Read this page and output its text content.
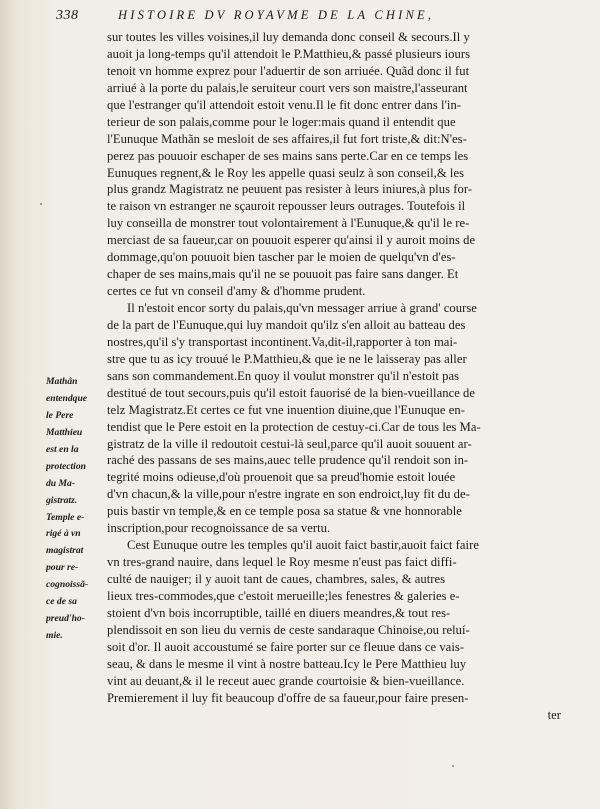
338	HISTOIRE DV ROYAVME DE LA CHINE,
sur toutes les villes voisines,il luy demanda donc conseil & secours.Il y
auoit ja long-temps qu'il attendoit le P.Matthieu,& passé plusieurs iours
tenoit vn homme exprez pour l'aduertir de son arriuée. Quãd donc il fut
arriué à la porte du palais,le seruiteur court vers son maistre,l'asseurant
que l'estranger qu'il attendoit estoit venu.Il le fit donc entrer dans l'in-
terieur de son palais,comme pour le loger:mais quand il entendit que
l'Eunuque Mathãn se mesloit de ses affaires,il fut fort triste,& dit:N'es-
perez pas pouuoir eschaper de ses mains sans perte.Car en ce temps les
Eunuques regnent,& le Roy les appelle quasi seulz à son conseil,& les
plus grandz Magistratz ne peuuent pas resister à leurs iniures,à plus for-
te raison vn estranger ne sçauroit repousser leurs outrages. Toutefois il
luy conseilla de monstrer tout volontairement à l'Eunuque,& qu'il le re-
merciast de sa faueur,car on pouuoit esperer qu'ainsi il y auroit moins de
dommage,qu'on pouuoit bien tascher par le moien de quelqu'vn d'es-
chaper de ses mains,mais qu'il ne se pouuoit pas faire sans danger. Et
certes ce fut vn conseil d'amy & d'homme prudent.
Il n'estoit encor sorty du palais,qu'vn messager arriue à grand' course
de la part de l'Eunuque,qui luy mandoit qu'ilz s'en alloit au batteau des
nostres,qu'il s'y transportast incontinent.Va,dit-il,rapporter à ton mai-
stre que tu as icy trouué le P.Matthieu,& que ie ne le laisseray pas aller
sans son commandement.En quoy il voulut monstrer qu'il n'estoit pas
destitué de tout secours,puis qu'il estoit fauorisé de la bien-vueillance de
telz Magistratz.Et certes ce fut vne inuention diuine,que l'Eunuque en-
tendist que le Pere estoit en la protection de cestuy-ci.Car de tous les Ma-
gistratz de la ville il redoutoit cestui-là seul,parce qu'il auoit souuent ar-
raché des passans de ses mains,auec telle prudence qu'il rendoit son in-
tegrité moins odieuse,d'où prouenoit que sa preud'homie estoit louée
d'vn chacun,& la ville,pour n'estre ingrate en son endroict,luy fit du de-
puis bastir vn temple,& en ce temple posa sa statue & vne honnorable
inscription,pour recognoissance de sa vertu.
Cest Eunuque outre les temples qu'il auoit faict bastir,auoit faict faire
vn tres-grand nauire, dans lequel le Roy mesme n'eust pas faict diffi-
culté de nauiger; il y auoit tant de caues, chambres, sales, & autres
lieux tres-commodes,que c'estoit merueille;les fenestres & galeries e-
stoient d'vn bois incorruptible, taillé en diuers meandres,& tout res-
plendissoit en son lieu du vernis de ceste sandaraque Chinoise,ou reluí-
soit d'or. Il auoit accoustumé se faire porter sur ce fleuue dans ce vais-
seau, & dans le mesme il vint à nostre batteau.Icy le Pere Matthieu luy
vint au deuant,& il le receut auec grande courtoisie & bien-vueillance.
Premierement il luy fit beaucoup d'offre de sa faueur,pour faire presen-
ter
Mathân
entendque
le Pere
Matthieu
est en la
protection
du Ma-
gistratz.
Temple e-
rigé à vn
magistrat
pour re-
cognoissã-
ce de sa
preud'ho-
mie.
